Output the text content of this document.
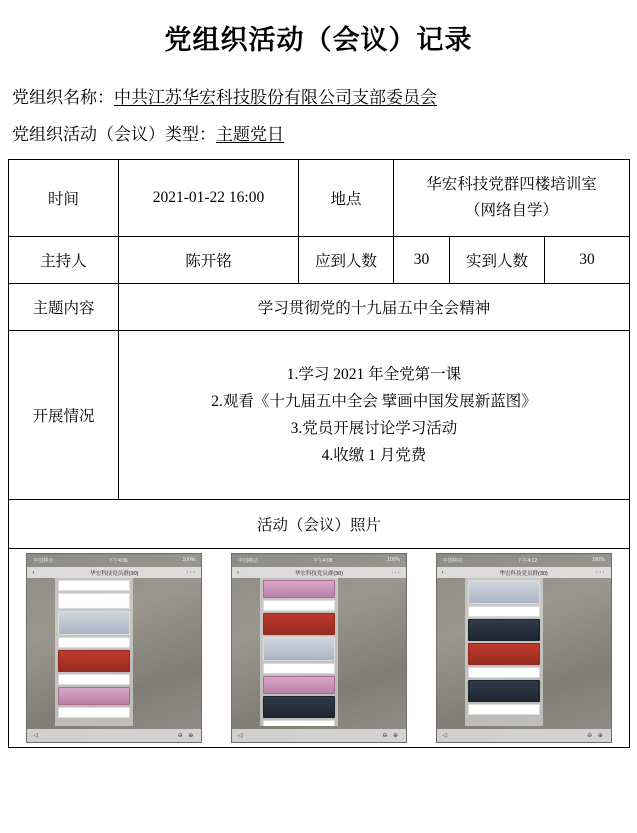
党组织活动（会议）记录
党组织名称：中共江苏华宏科技股份有限公司支部委员会
党组织活动（会议）类型：主题党日
时间	2021-01-22 16:00	地点	华宏科技党群四楼培训室
（网络自学）		

主持人	陈开铭	应到人数	30	实到人数	30
主题内容	学习贯彻党的十九届五中全会精神				
开展情况	1.学习 2021 年全党第一课
2.观看《十九届五中全会 擘画中国发展新蓝图》
3.党员开展讨论学习活动
4.收缴 1 月党费				

活动（会议）照片					

中国移动	下午4:06	100%
‹	华宏科技党员群(30)	···
◁	⊖ ⊕
中国移动	下午4:08	100%
‹	华宏科技党员群(30)	···
◁	⊖ ⊕
中国移动	下午4:12	100%
‹	华宏科技党员群(30)	···
◁	⊖ ⊕
